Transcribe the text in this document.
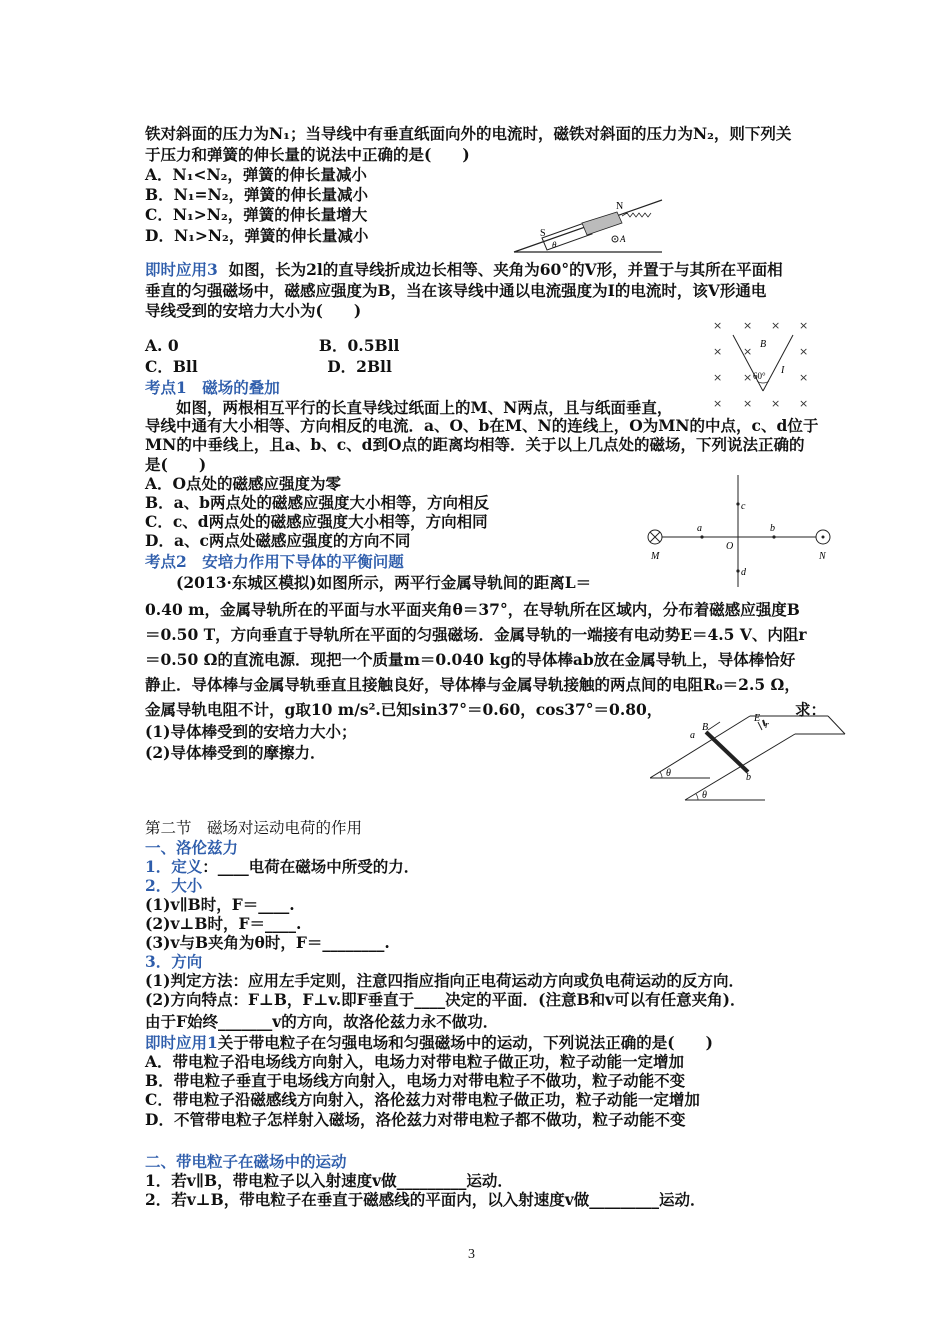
铁对斜面的压力为N₁；当导线中有垂直纸面向外的电流时，磁铁对斜面的压力为N₂，则下列关
于压力和弹簧的伸长量的说法中正确的是(　　)
A．N₁<N₂，弹簧的伸长量减小
B．N₁=N₂，弹簧的伸长量减小
C．N₁>N₂，弹簧的伸长量增大
D．N₁>N₂，弹簧的伸长量减小
即时应用3  如图，长为2l的直导线折成边长相等、夹角为60°的V形，并置于与其所在平面相
垂直的匀强磁场中，磁感应强度为B，当在该导线中通以电流强度为I的电流时，该V形通电
导线受到的安培力大小为(　　)
A. 0                          B．0.5Bll
C．Bll                        D．2Bll
考点1　磁场的叠加
　　如图，两根相互平行的长直导线过纸面上的M、N两点，且与纸面垂直，
导线中通有大小相等、方向相反的电流．a、O、b在M、N的连线上，O为MN的中点，c、d位于
MN的中垂线上，且a、b、c、d到O点的距离均相等．关于以上几点处的磁场，下列说法正确的
是(　　)
A．O点处的磁感应强度为零
B．a、b两点处的磁感应强度大小相等，方向相反
C．c、d两点处的磁感应强度大小相等，方向相同
D．a、c两点处磁感应强度的方向不同
考点2　安培力作用下导体的平衡问题
　　(2013·东城区模拟)如图所示，两平行金属导轨间的距离L＝
0.40 m，金属导轨所在的平面与水平面夹角θ＝37°，在导轨所在区域内，分布着磁感应强度B
＝0.50 T，方向垂直于导轨所在平面的匀强磁场．金属导轨的一端接有电动势E＝4.5 V、内阻r
＝0.50 Ω的直流电源．现把一个质量m＝0.040 kg的导体棒ab放在金属导轨上，导体棒恰好
静止．导体棒与金属导轨垂直且接触良好，导体棒与金属导轨接触的两点间的电阻R₀＝2.5 Ω，
金属导轨电阻不计，g取10 m/s².已知sin37°＝0.60，cos37°＝0.80，
(1)导体棒受到的安培力大小；
(2)导体棒受到的摩擦力．
第二节　磁场对运动电荷的作用
一、洛伦兹力
1．定义：____电荷在磁场中所受的力．
2．大小
(1)v∥B时，F＝____.
(2)v⊥B时，F＝____.
(3)v与B夹角为θ时，F＝________.
3．方向
(1)判定方法：应用左手定则，注意四指应指向正电荷运动方向或负电荷运动的反方向．
(2)方向特点：F⊥B，F⊥v.即F垂直于____决定的平面．(注意B和v可以有任意夹角)．
由于F始终_______v的方向，故洛伦兹力永不做功．
即时应用1关于带电粒子在匀强电场和匀强磁场中的运动，下列说法正确的是(　　)
A．带电粒子沿电场线方向射入，电场力对带电粒子做正功，粒子动能一定增加
B．带电粒子垂直于电场线方向射入，电场力对带电粒子不做功，粒子动能不变
C．带电粒子沿磁感线方向射入，洛伦兹力对带电粒子做正功，粒子动能一定增加
D．不管带电粒子怎样射入磁场，洛伦兹力对带电粒子都不做功，粒子动能不变
二、带电粒子在磁场中的运动
1．若v∥B，带电粒子以入射速度v做_________运动．
2．若v⊥B，带电粒子在垂直于磁感线的平面内，以入射速度v做_________运动．
求：
S
N
θ
A
× × × ×
× ×	×
× ×	×
× × × ×
B
I
60°
a	b
c
d
O
M	N
a
b
B
E
r
θ
θ
3
